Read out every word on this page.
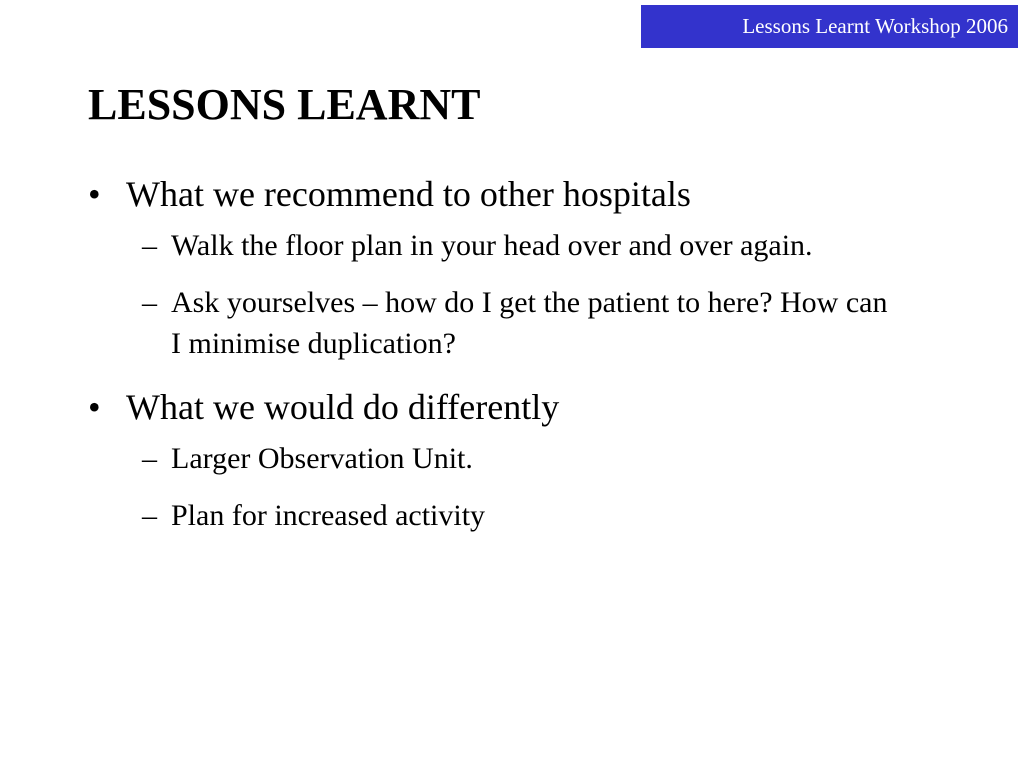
Lessons Learnt Workshop 2006
LESSONS LEARNT
• What we recommend to other hospitals
– Walk the floor plan in your head over and over again.
– Ask yourselves – how do I get the patient to here? How can I minimise duplication?
• What we would do differently
– Larger Observation Unit.
– Plan for increased activity
